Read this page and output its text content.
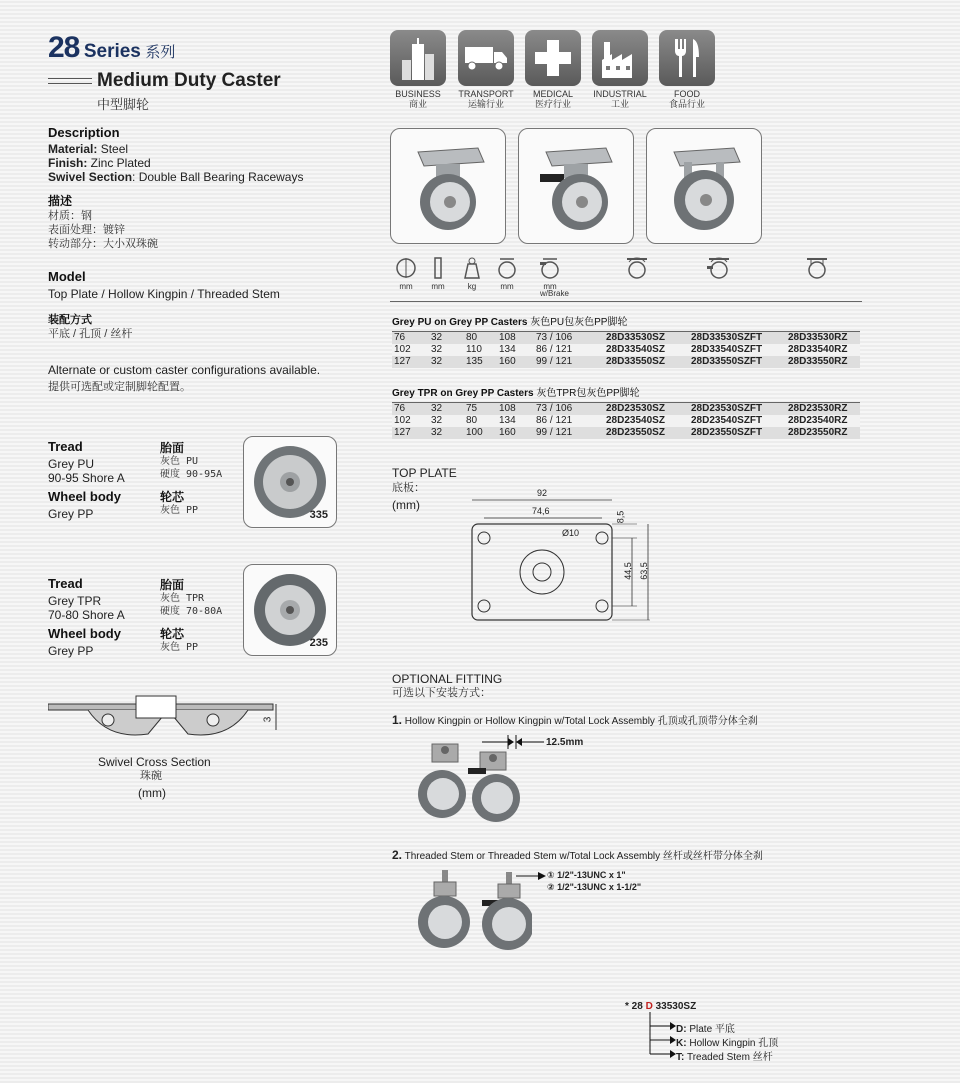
28 Series 系列
Medium Duty Caster
中型脚轮
BUSINESS
商业
TRANSPORT
运输行业
MEDICAL
医疗行业
INDUSTRIAL
工业
FOOD
食品行业
Description
Material: Steel
Finish: Zinc Plated
Swivel Section: Double Ball Bearing Raceways
描述
材质：钢
表面处理：镀锌
转动部分：大小双珠碗
Model
Top Plate / Hollow Kingpin / Threaded Stem
装配方式
平底 / 孔顶 / 丝杆
Alternate or custom caster configurations available.
提供可选配或定制脚轮配置。
Tread
Grey PU
90-95 Shore A
Wheel body
Grey PP
胎面
灰色 PU
硬度 90-95A
轮芯
灰色 PP	335
Tread
Grey TPR
70-80 Shore A
Wheel body
Grey PP
胎面
灰色 TPR
硬度 70-80A
轮芯
灰色 PP	235
3
Swivel Cross Section
珠碗
(mm)
mm	mm	kg	mm	mm
w/Brake
Grey PU on Grey PP Casters 灰色PU包灰色PP脚轮
76	32	80	108	73 / 106	28D33530SZ	28D33530SZFT	28D33530RZ
102	32	110	134	86 / 121	28D33540SZ	28D33540SZFT	28D33540RZ
127	32	135	160	99 / 121	28D33550SZ	28D33550SZFT	28D33550RZ
Grey TPR on Grey PP Casters 灰色TPR包灰色PP脚轮
76	32	75	108	73 / 106	28D23530SZ	28D23530SZFT	28D23530RZ
102	32	80	134	86 / 121	28D23540SZ	28D23540SZFT	28D23540RZ
127	32	100	160	99 / 121	28D23550SZ	28D23550SZFT	28D23550RZ
TOP PLATE
底板：
(mm)
92
74,6
Ø10
8,5
44,5 63,5
OPTIONAL FITTING
可选以下安装方式：
1. Hollow Kingpin or Hollow Kingpin w/Total Lock Assembly 孔顶或孔顶带分体全刹
12.5mm
2. Threaded Stem or Threaded Stem w/Total Lock Assembly 丝杆或丝杆带分体全刹
① 1/2"-13UNC x 1"
② 1/2"-13UNC x 1-1/2"
* 28 D 33530SZ
D: Plate 平底
K: Hollow Kingpin 孔顶
T: Treaded Stem 丝杆
